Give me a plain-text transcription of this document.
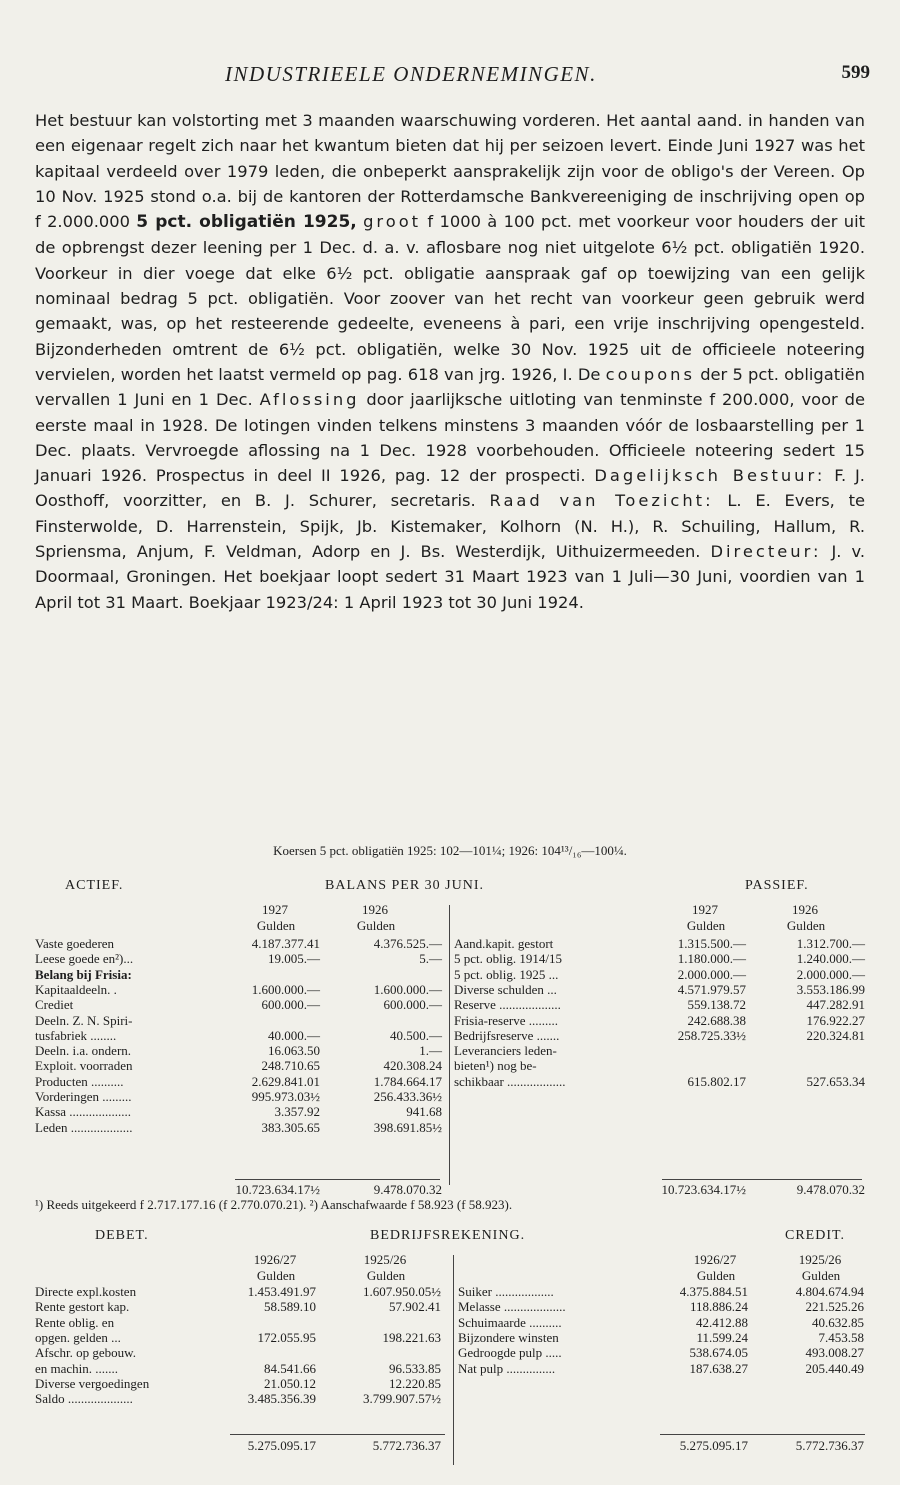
INDUSTRIEELE ONDERNEMINGEN.	599

Het bestuur kan volstorting met 3 maanden waarschuwing vorderen. Het aantal aand. in handen van een eigenaar regelt zich naar het kwantum bieten dat hij per seizoen levert. Einde Juni 1927 was het kapitaal verdeeld over 1979 leden, die onbeperkt aansprakelijk zijn voor de obligo's der Vereen. Op 10 Nov. 1925 stond o.a. bij de kantoren der Rotterdamsche Bankvereeniging de inschrijving open op f 2.000.000 5 pct. obligatiën 1925, groot f 1000 à 100 pct. met voorkeur voor houders der uit de opbrengst dezer leening per 1 Dec. d. a. v. aflosbare nog niet uitgelote 6½ pct. obligatiën 1920. Voorkeur in dier voege dat elke 6½ pct. obligatie aanspraak gaf op toewijzing van een gelijk nominaal bedrag 5 pct. obligatiën. Voor zoover van het recht van voorkeur geen gebruik werd gemaakt, was, op het resteerende gedeelte, eveneens à pari, een vrije inschrijving opengesteld. Bijzonderheden omtrent de 6½ pct. obligatiën, welke 30 Nov. 1925 uit de officieele noteering vervielen, worden het laatst vermeld op pag. 618 van jrg. 1926, I. De coupons der 5 pct. obligatiën vervallen 1 Juni en 1 Dec. Aflossing door jaarlijksche uitloting van tenminste f 200.000, voor de eerste maal in 1928. De lotingen vinden telkens minstens 3 maanden vóór de losbaarstelling per 1 Dec. plaats. Vervroegde aflossing na 1 Dec. 1928 voorbehouden. Officieele noteering sedert 15 Januari 1926. Prospectus in deel II 1926, pag. 12 der prospecti. Dagelijksch Bestuur: F. J. Oosthoff, voorzitter, en B. J. Schurer, secretaris. Raad van Toezicht: L. E. Evers, te Finsterwolde, D. Harrenstein, Spijk, Jb. Kistemaker, Kolhorn (N. H.), R. Schuiling, Hallum, R. Spriensma, Anjum, F. Veldman, Adorp en J. Bs. Westerdijk, Uithuizermeeden. Directeur: J. v. Doormaal, Groningen. Het boekjaar loopt sedert 31 Maart 1923 van 1 Juli—30 Juni, voordien van 1 April tot 31 Maart. Boekjaar 1923/24: 1 April 1923 tot 30 Juni 1924.

Koersen 5 pct. obligatiën 1925: 102—101¼; 1926: 104¹³/₁₆—100¼.
ACTIEF.	BALANS PER 30 JUNI.	PASSIEF.
1927	1926	1927	1926
Gulden	Gulden	Gulden	Gulden
Vaste goederen	4.187.377.41	4.376.525.—
Leese goede en²)...	19.005.—	5.—
Belang bij Frisia:
Kapitaaldeeln. .	1.600.000.—	1.600.000.—
Crediet	600.000.—	600.000.—
Deeln. Z. N. Spiri-
tusfabriek ........	40.000.—	40.500.—
Deeln. i.a. ondern.	16.063.50	1.—
Exploit. voorraden	248.710.65	420.308.24
Producten ..........	2.629.841.01	1.784.664.17
Vorderingen .........	995.973.03½	256.433.36½
Kassa ...................	3.357.92	941.68
Leden ...................	383.305.65	398.691.85½
Aand.kapit. gestort	1.315.500.—	1.312.700.—
5 pct. oblig. 1914/15	1.180.000.—	1.240.000.—
5 pct. oblig. 1925 ...	2.000.000.—	2.000.000.—
Diverse schulden ...	4.571.979.57	3.553.186.99
Reserve ...................	559.138.72	447.282.91
Frisia-reserve .........	242.688.38	176.922.27
Bedrijfsreserve .......	258.725.33½	220.324.81
Leveranciers leden-
bieten¹) nog be-
schikbaar ..................	615.802.17	527.653.34
10.723.634.17½	9.478.070.32	10.723.634.17½	9.478.070.32
¹) Reeds uitgekeerd f 2.717.177.16 (f 2.770.070.21). ²) Aanschafwaarde f 58.923 (f 58.923).
DEBET.	BEDRIJFSREKENING.	CREDIT.
1926/27	1925/26	1926/27	1925/26
Gulden	Gulden	Gulden	Gulden
Directe expl.kosten	1.453.491.97	1.607.950.05½
Rente gestort kap.	58.589.10	57.902.41
Rente oblig. en
opgen. gelden ...	172.055.95	198.221.63
Afschr. op gebouw.
en machin. .......	84.541.66	96.533.85
Diverse vergoedingen	21.050.12	12.220.85
Saldo ....................	3.485.356.39	3.799.907.57½
Suiker ..................	4.375.884.51	4.804.674.94
Melasse ...................	118.886.24	221.525.26
Schuimaarde ..........	42.412.88	40.632.85
Bijzondere winsten	11.599.24	7.453.58
Gedroogde pulp .....	538.674.05	493.008.27
Nat pulp ...............	187.638.27	205.440.49
5.275.095.17	5.772.736.37	5.275.095.17	5.772.736.37
